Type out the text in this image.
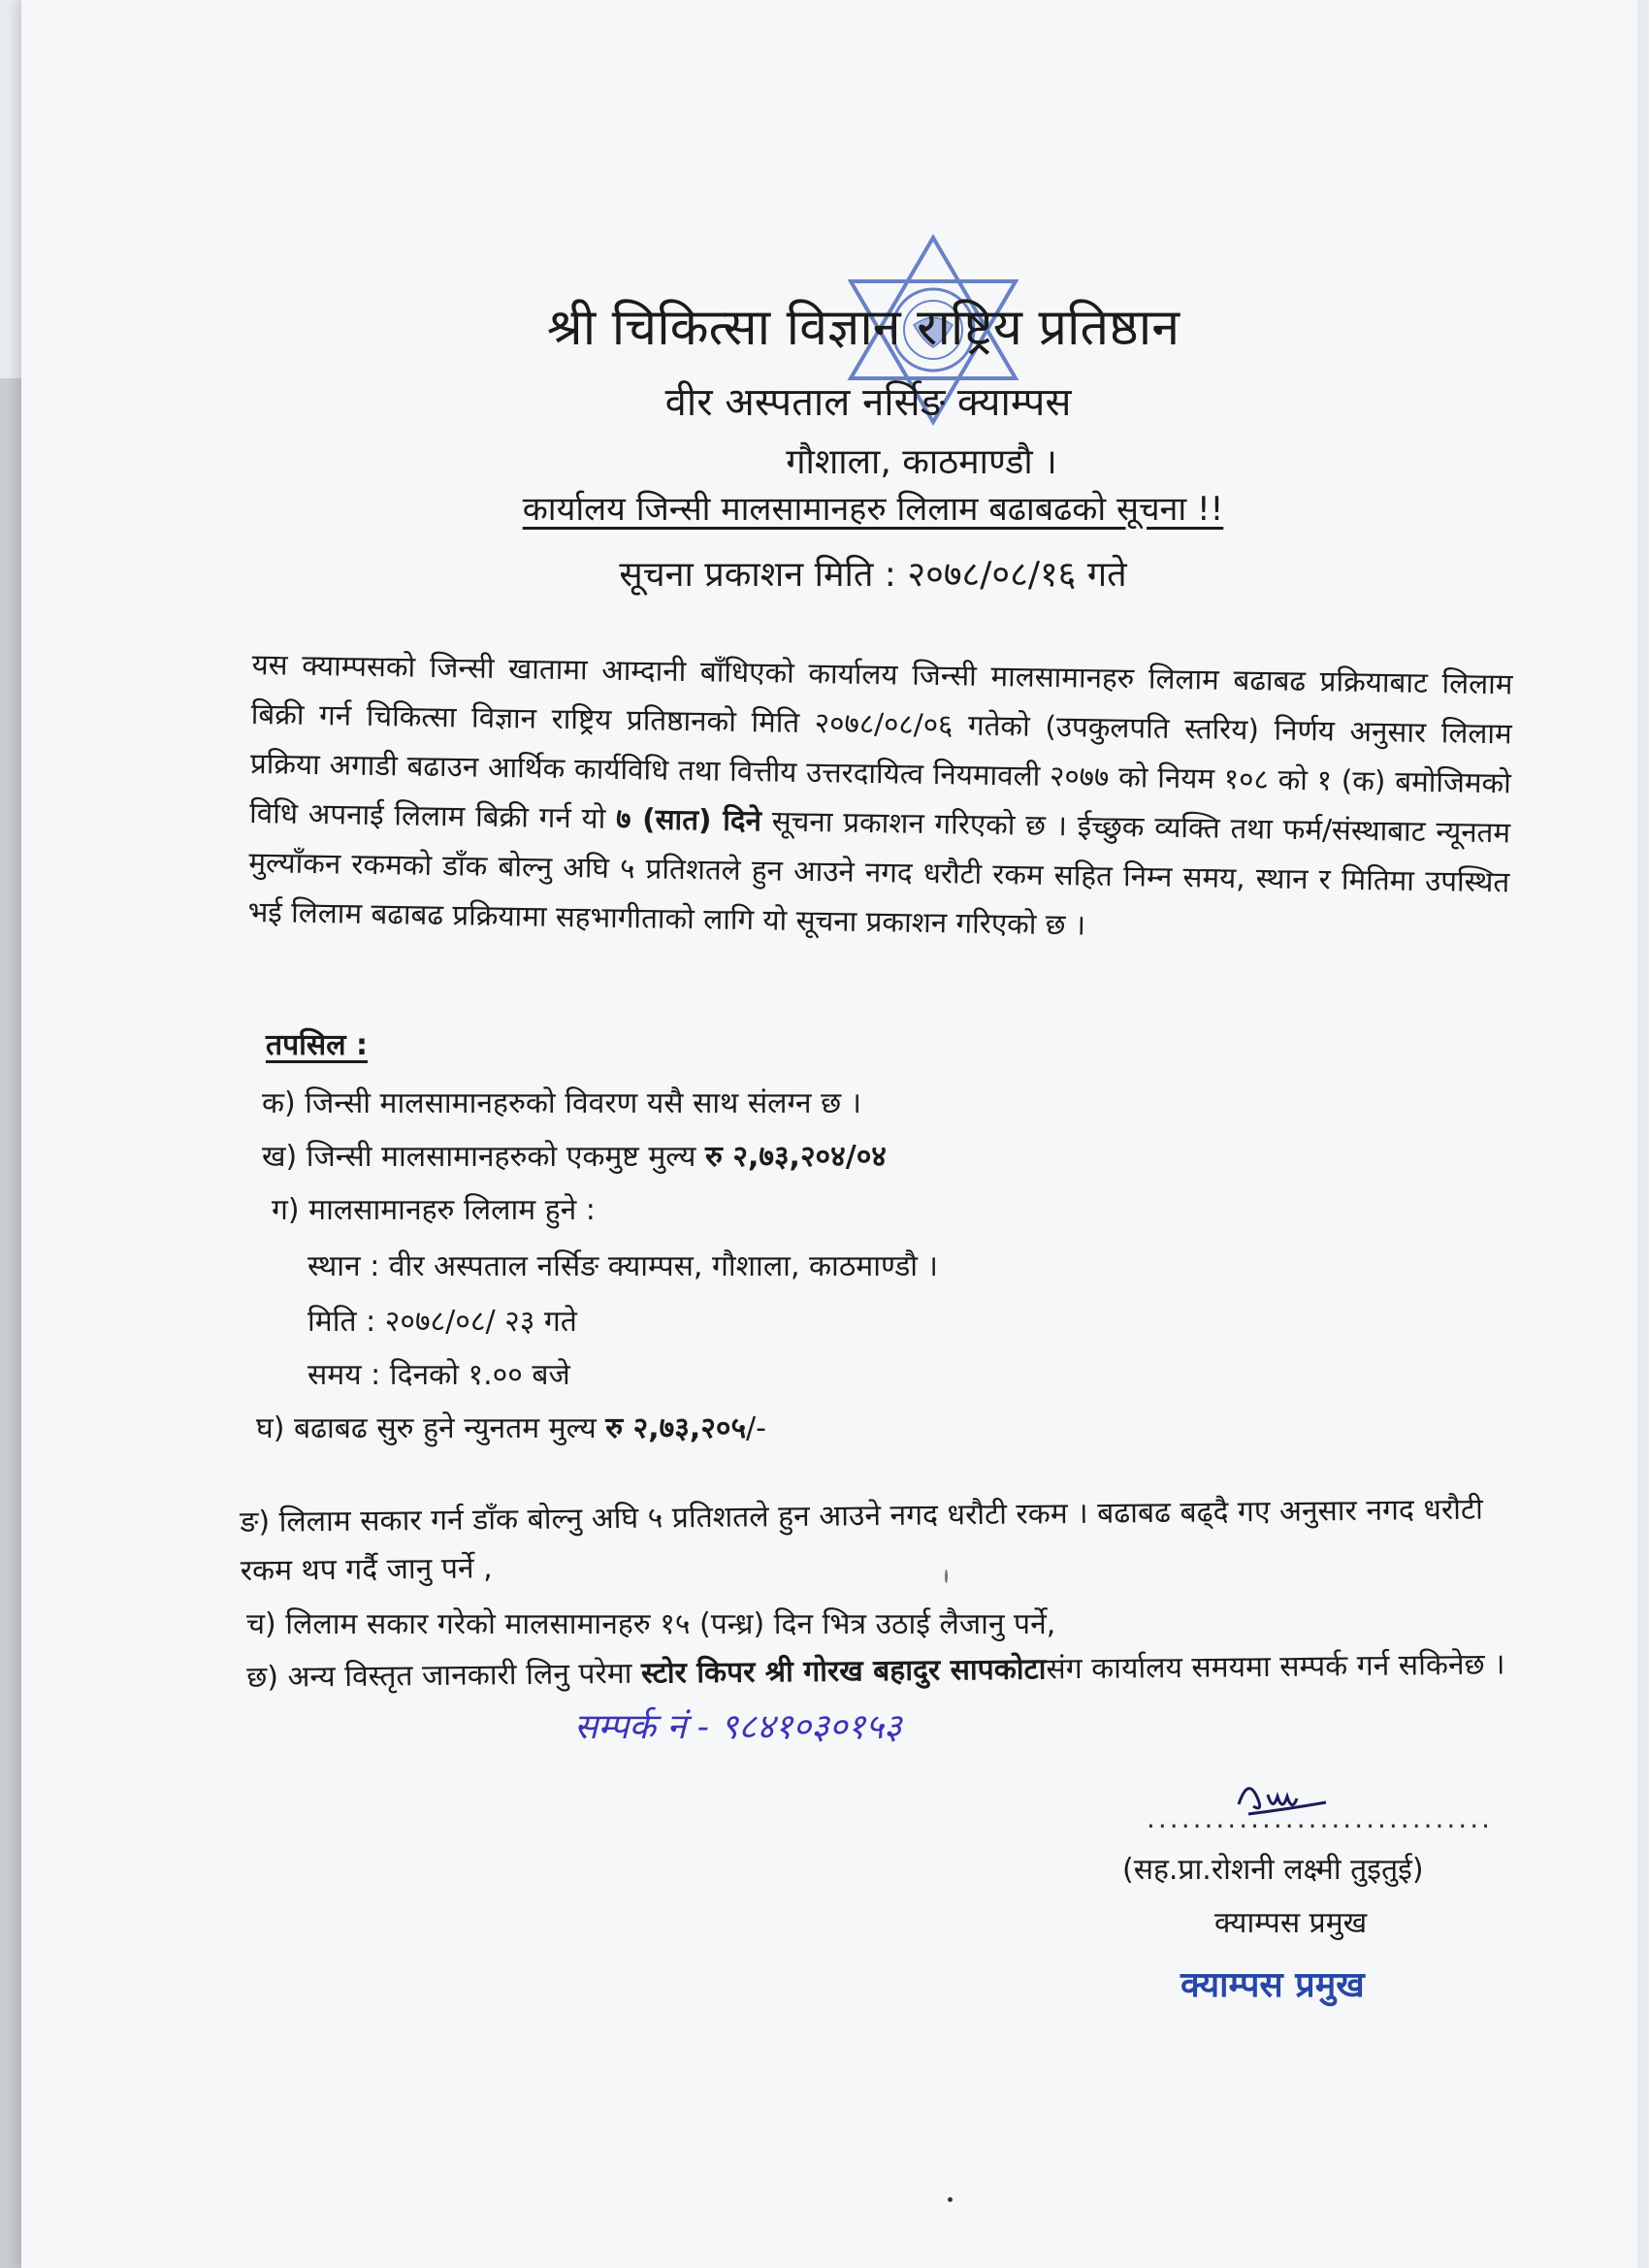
श्री चिकित्सा विज्ञान राष्ट्रिय प्रतिष्ठान
वीर अस्पताल नर्सिङ क्याम्पस
गौशाला, काठमाण्डौ ।
कार्यालय जिन्सी मालसामानहरु लिलाम बढाबढको सूचना !!
सूचना प्रकाशन मिति : २०७८/०८/१६ गते

यस क्याम्पसको जिन्सी खातामा आम्दानी बाँधिएको कार्यालय जिन्सी मालसामानहरु लिलाम बढाबढ प्रक्रियाबाट लिलाम बिक्री गर्न चिकित्सा विज्ञान राष्ट्रिय प्रतिष्ठानको मिति २०७८/०८/०६ गतेको (उपकुलपति स्तरिय) निर्णय अनुसार लिलाम प्रक्रिया अगाडी बढाउन आर्थिक कार्यविधि तथा वित्तीय उत्तरदायित्व नियमावली २०७७ को नियम १०८ को १ (क) बमोजिमको विधि अपनाई लिलाम बिक्री गर्न यो ७ (सात) दिने सूचना प्रकाशन गरिएको छ । ईच्छुक व्यक्ति तथा फर्म/संस्थाबाट न्यूनतम मुल्याँकन रकमको डाँक बोल्नु अघि ५ प्रतिशतले हुन आउने नगद धरौटी रकम सहित निम्न समय, स्थान र मितिमा उपस्थित भई लिलाम बढाबढ प्रक्रियामा सहभागीताको लागि यो सूचना प्रकाशन गरिएको छ ।

तपसिल :
क) जिन्सी मालसामानहरुको विवरण यसै साथ संलग्न छ ।
ख) जिन्सी मालसामानहरुको एकमुष्ट मुल्य रु २,७३,२०४/०४
ग) मालसामानहरु लिलाम हुने :
स्थान : वीर अस्पताल नर्सिङ क्याम्पस, गौशाला, काठमाण्डौ ।
मिति : २०७८/०८/ २३ गते
समय : दिनको १.०० बजे
घ) बढाबढ सुरु हुने न्युनतम मुल्य रु २,७३,२०५/-
ङ) लिलाम सकार गर्न डाँक बोल्नु अघि ५ प्रतिशतले हुन आउने नगद धरौटी रकम । बढाबढ बढ्दै गए अनुसार नगद धरौटी रकम थप गर्दै जानु पर्ने ,
च) लिलाम सकार गरेको मालसामानहरु १५ (पन्ध्र) दिन भित्र उठाई लैजानु पर्ने,
छ) अन्य विस्तृत जानकारी लिनु परेमा स्टोर किपर श्री गोरख बहादुर सापकोटासंग कार्यालय समयमा सम्पर्क गर्न सकिनेछ ।
सम्पर्क नं - ९८४१०३०१५३
..............................
(सह.प्रा.रोशनी लक्ष्मी तुइतुई)
क्याम्पस प्रमुख
क्याम्पस प्रमुख
